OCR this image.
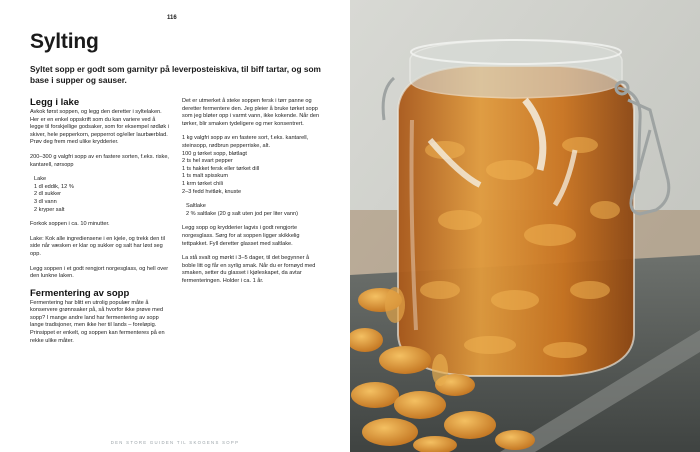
116
Sylting
Syltet sopp er godt som garnityr på leverposteiskiva, til biff tartar, og som base i supper og sauser.
Legg i lake

Avkok først soppen, og legg den deretter i syltelaken. Her er en enkel oppskrift som du kan variere ved å legge til forskjellige godsaker, som for eksempel rødløk i skiver, hele pepperkorn, pepperrot og/eller laurbærblad. Prøv deg frem med ulike krydderier.

200–300 g valgfri sopp av en fastere sorten, f.eks. riske, kantarell, rørsopp

Lake
1 dl eddik, 12 %
2 dl sukker
3 dl vann
2 kryper salt

Forkok soppen i ca. 10 minutter.

Lake: Kok alle ingrediensene i en kjele, og trekk den til side når væsken er klar og sukker og salt har løst seg opp.

Legg soppen i et godt rengjort norgesglass, og hell over den lunkne laken.

Fermentering av sopp

Fermentering har blitt en utrolig populær måte å konservere grønnsaker på, så hvorfor ikke prøve med sopp? I mange andre land har fermentering av sopp lange tradisjoner, men ikke her til lands – foreløpig. Prinsippet er enkelt, og soppen kan fermenteres på en rekke ulike måter.

Det er utmerket å steke soppen fersk i tørr panne og deretter fermentere den. Jeg pleier å bruke tørket sopp som jeg bløter opp i varmt vann, ikke kokende. Når den tørker, blir smaken tydeligere og mer konsentrert.

1 kg valgfri sopp av en fastere sort, f.eks. kantarell, steinsopp, rødbrun pepperriske, alt.
100 g tørket sopp, bløtlagt
2 ts hel svart pepper
1 ts hakket fersk eller tørket dill
1 ts malt spisskum
1 krm tørket chili
2–3 fedd hvitløk, knuste
Saltlake
2 % saltlake (20 g salt uten jod per liter vann)

Legg sopp og krydderier lagvis i godt rengjorte norgesglass. Sørg for at soppen ligger skikkelig tettpakket. Fyll deretter glasset med saltlake.

La stå svalt og mørkt i 3–5 dager, til det begynner å boble litt og får en syrlig smak. Når du er fornøyd med smaken, setter du glasset i kjøleskapet, da avtar fermenteringen. Holder i ca. 1 år.

DEN STORE GUIDEN TIL SKOGENS SOPP
